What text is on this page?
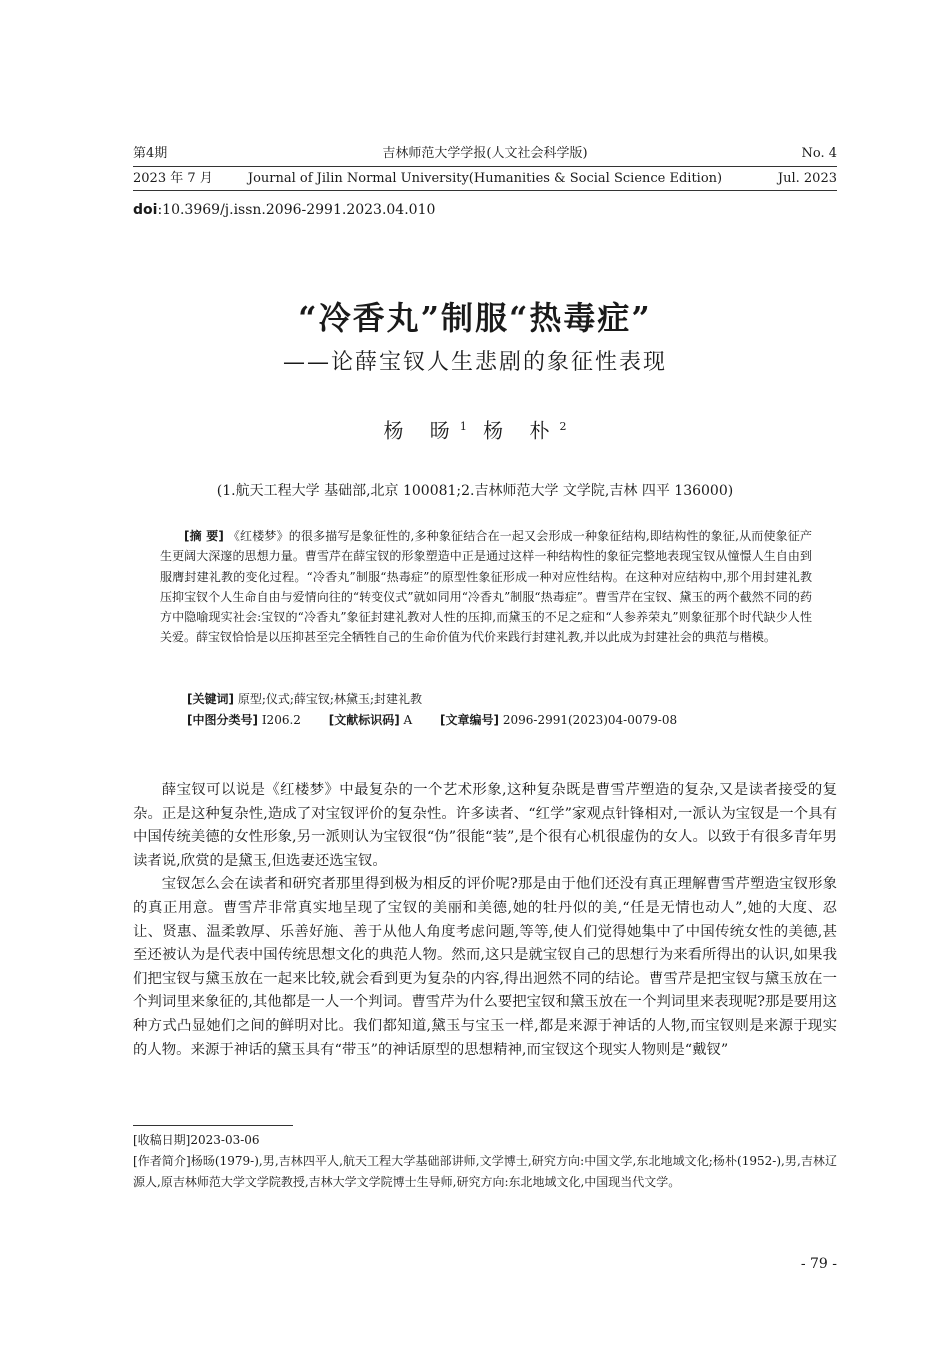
第4期	吉林师范大学学报(人文社会科学版)	No. 4
2023 年 7 月	Journal of Jilin Normal University(Humanities & Social Science Edition)	Jul. 2023
doi:10.3969/j.issn.2096-2991.2023.04.010
“冷香丸”制服“热毒症”
——论薛宝钗人生悲剧的象征性表现
杨 旸$^1$ 杨 朴$^2$
(1.航天工程大学 基础部,北京 100081;2.吉林师范大学 文学院,吉林 四平 136000)
[摘 要] 《红楼梦》的很多描写是象征性的,多种象征结合在一起又会形成一种象征结构,即结构性的象征,从而使象征产生更阔大深邃的思想力量。曹雪芹在薛宝钗的形象塑造中正是通过这样一种结构性的象征完整地表现宝钗从憧憬人生自由到服膺封建礼教的变化过程。“冷香丸”制服“热毒症”的原型性象征形成一种对应性结构。在这种对应结构中,那个用封建礼教压抑宝钗个人生命自由与爱情向往的“转变仪式”就如同用“冷香丸”制服“热毒症”。曹雪芹在宝钗、黛玉的两个截然不同的药方中隐喻现实社会:宝钗的“冷香丸”象征封建礼教对人性的压抑,而黛玉的不足之症和“人参养荣丸”则象征那个时代缺少人性关爱。薛宝钗恰恰是以压抑甚至完全牺牲自己的生命价值为代价来践行封建礼教,并以此成为封建社会的典范与楷模。
[关键词] 原型;仪式;薛宝钗;林黛玉;封建礼教
[中图分类号] I206.2 [文献标识码] A [文章编号] 2096-2991(2023)04-0079-08

薛宝钗可以说是《红楼梦》中最复杂的一个艺术形象,这种复杂既是曹雪芹塑造的复杂,又是读者接受的复杂。正是这种复杂性,造成了对宝钗评价的复杂性。许多读者、“红学”家观点针锋相对,一派认为宝钗是一个具有中国传统美德的女性形象,另一派则认为宝钗很“伪”很能“装”,是个很有心机很虚伪的女人。以致于有很多青年男读者说,欣赏的是黛玉,但选妻还选宝钗。

宝钗怎么会在读者和研究者那里得到极为相反的评价呢?那是由于他们还没有真正理解曹雪芹塑造宝钗形象的真正用意。曹雪芹非常真实地呈现了宝钗的美丽和美德,她的牡丹似的美,“任是无情也动人”,她的大度、忍让、贤惠、温柔敦厚、乐善好施、善于从他人角度考虑问题,等等,使人们觉得她集中了中国传统女性的美德,甚至还被认为是代表中国传统思想文化的典范人物。然而,这只是就宝钗自己的思想行为来看所得出的认识,如果我们把宝钗与黛玉放在一起来比较,就会看到更为复杂的内容,得出迥然不同的结论。曹雪芹是把宝钗与黛玉放在一个判词里来象征的,其他都是一人一个判词。曹雪芹为什么要把宝钗和黛玉放在一个判词里来表现呢?那是要用这种方式凸显她们之间的鲜明对比。我们都知道,黛玉与宝玉一样,都是来源于神话的人物,而宝钗则是来源于现实的人物。来源于神话的黛玉具有“带玉”的神话原型的思想精神,而宝钗这个现实人物则是“戴钗”

[收稿日期]2023-03-06

[作者简介]杨旸(1979-),男,吉林四平人,航天工程大学基础部讲师,文学博士,研究方向:中国文学,东北地域文化;杨朴(1952-),男,吉林辽源人,原吉林师范大学文学院教授,吉林大学文学院博士生导师,研究方向:东北地域文化,中国现当代文学。

- 79 -
